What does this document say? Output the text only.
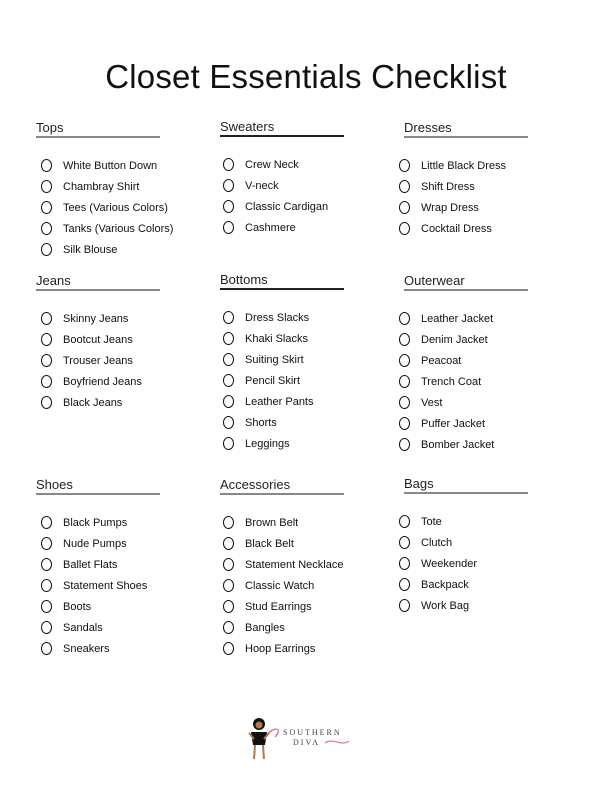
Closet Essentials Checklist
Tops
White Button Down
Chambray Shirt
Tees (Various Colors)
Tanks (Various Colors)
Silk Blouse
Sweaters
Crew Neck
V-neck
Classic Cardigan
Cashmere
Dresses
Little Black Dress
Shift Dress
Wrap Dress
Cocktail Dress
Jeans
Skinny Jeans
Bootcut Jeans
Trouser Jeans
Boyfriend Jeans
Black Jeans
Bottoms
Dress Slacks
Khaki Slacks
Suiting Skirt
Pencil Skirt
Leather Pants
Shorts
Leggings
Outerwear
Leather Jacket
Denim Jacket
Peacoat
Trench Coat
Vest
Puffer Jacket
Bomber Jacket
Shoes
Black Pumps
Nude Pumps
Ballet Flats
Statement Shoes
Boots
Sandals
Sneakers
Accessories
Brown Belt
Black Belt
Statement Necklace
Classic Watch
Stud Earrings
Bangles
Hoop Earrings
Bags
Tote
Clutch
Weekender
Backpack
Work Bag
SOUTHERN
DIVA
